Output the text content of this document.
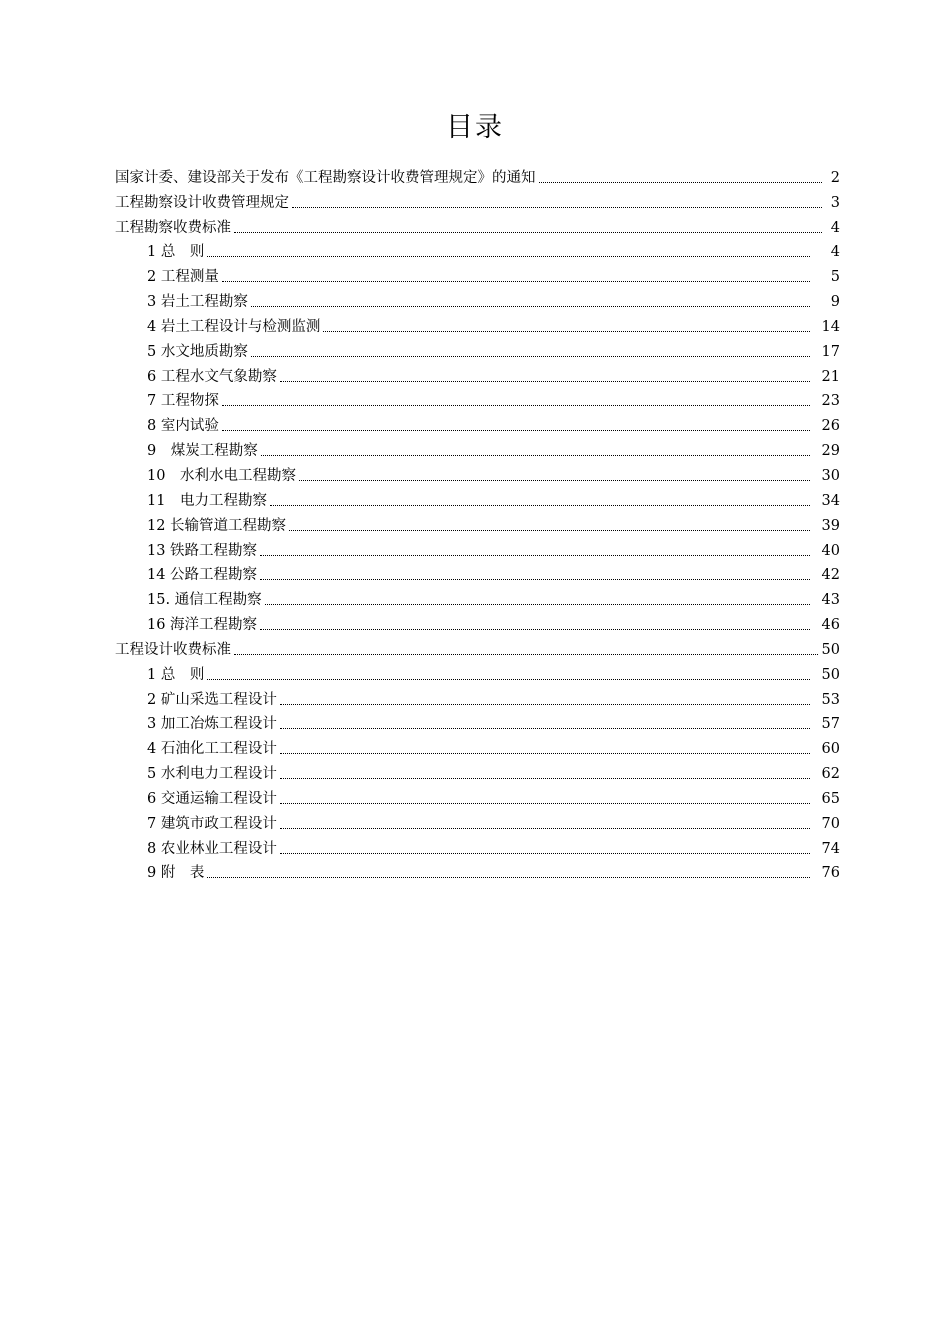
目录
国家计委、建设部关于发布《工程勘察设计收费管理规定》的通知	2
工程勘察设计收费管理规定	3
工程勘察收费标准	4
1 总　则	4
2 工程测量	5
3 岩土工程勘察	9
4 岩土工程设计与检测监测	14
5 水文地质勘察	17
6 工程水文气象勘察	21
7 工程物探	23
8 室内试验	26
9　煤炭工程勘察	29
10　水利水电工程勘察	30
11　电力工程勘察	34
12 长输管道工程勘察	39
13 铁路工程勘察	40
14 公路工程勘察	42
15. 通信工程勘察	43
16 海洋工程勘察	46
工程设计收费标准	50
1 总　则	50
2 矿山采选工程设计	53
3 加工冶炼工程设计	57
4 石油化工工程设计	60
5 水利电力工程设计	62
6 交通运输工程设计	65
7 建筑市政工程设计	70
8 农业林业工程设计	74
9 附　表	76
